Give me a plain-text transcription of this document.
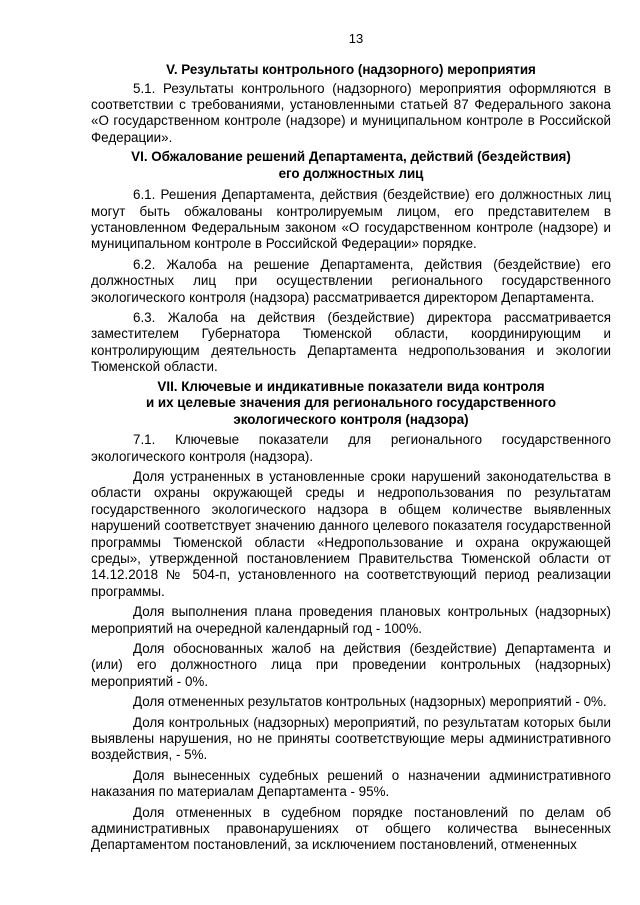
13
V. Результаты контрольного (надзорного) мероприятия

5.1. Результаты контрольного (надзорного) мероприятия оформляются в соответствии с требованиями, установленными статьей 87 Федерального закона «О государственном контроле (надзоре) и муниципальном контроле в Российской Федерации».

VI. Обжалование решений Департамента, действий (бездействия)
его должностных лиц

6.1. Решения Департамента, действия (бездействие) его должностных лиц могут быть обжалованы контролируемым лицом, его представителем в установленном Федеральным законом «О государственном контроле (надзоре) и муниципальном контроле в Российской Федерации» порядке.

6.2. Жалоба на решение Департамента, действия (бездействие) его должностных лиц при осуществлении регионального государственного экологического контроля (надзора) рассматривается директором Департамента.

6.3. Жалоба на действия (бездействие) директора рассматривается заместителем Губернатора Тюменской области, координирующим и контролирующим деятельность Департамента недропользования и экологии Тюменской области.

VII. Ключевые и индикативные показатели вида контроля
и их целевые значения для регионального государственного
экологического контроля (надзора)

7.1. Ключевые показатели для регионального государственного экологического контроля (надзора).

Доля устраненных в установленные сроки нарушений законодательства в области охраны окружающей среды и недропользования по результатам государственного экологического надзора в общем количестве выявленных нарушений соответствует значению данного целевого показателя государственной программы Тюменской области «Недропользование и охрана окружающей среды», утвержденной постановлением Правительства Тюменской области от 14.12.2018 № 504-п, установленного на соответствующий период реализации программы.

Доля выполнения плана проведения плановых контрольных (надзорных) мероприятий на очередной календарный год - 100%.

Доля обоснованных жалоб на действия (бездействие) Департамента и (или) его должностного лица при проведении контрольных (надзорных) мероприятий - 0%.

Доля отмененных результатов контрольных (надзорных) мероприятий - 0%.

Доля контрольных (надзорных) мероприятий, по результатам которых были выявлены нарушения, но не приняты соответствующие меры административного воздействия, - 5%.

Доля вынесенных судебных решений о назначении административного наказания по материалам Департамента - 95%.

Доля отмененных в судебном порядке постановлений по делам об административных правонарушениях от общего количества вынесенных Департаментом постановлений, за исключением постановлений, отмененных
